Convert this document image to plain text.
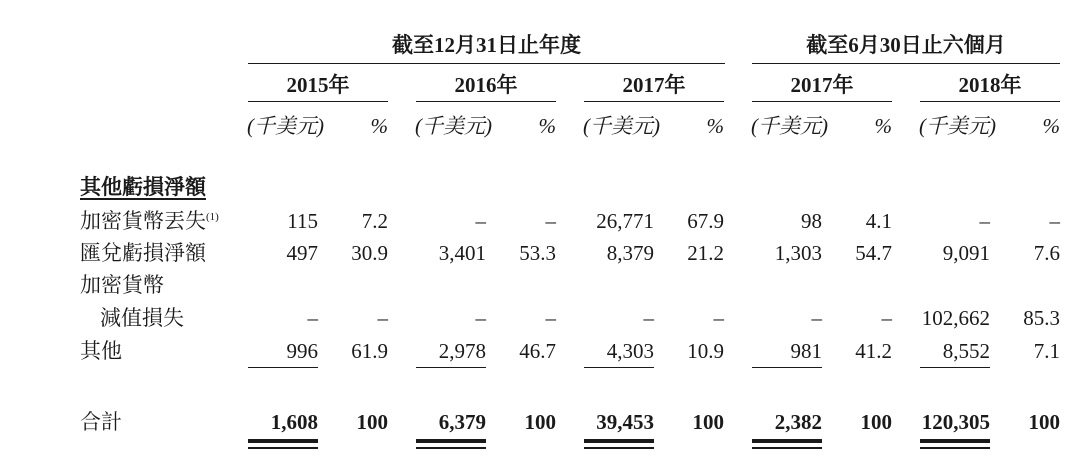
截至12月31日止年度	截至6月30日止六個月
2015年	2016年	2017年	2017年	2018年
(千美元)	% (千美元)	% (千美元)	% (千美元)	% (千美元)	%
其他虧損淨額
加密貨幣丟失$^{(1)}$	115	7.2	–	–	26,771	67.9	98	4.1	–	–
匯兌虧損淨額	497	30.9	3,401	53.3	8,379	21.2	1,303	54.7	9,091	7.6
加密貨幣
減值損失	–	–	–	–	–	–	–	–	102,662	85.3
其他	996	61.9	2,978	46.7	4,303	10.9	981	41.2	8,552	7.1
合計	1,608	100	6,379	100	39,453	100	2,382	100	120,305	100
